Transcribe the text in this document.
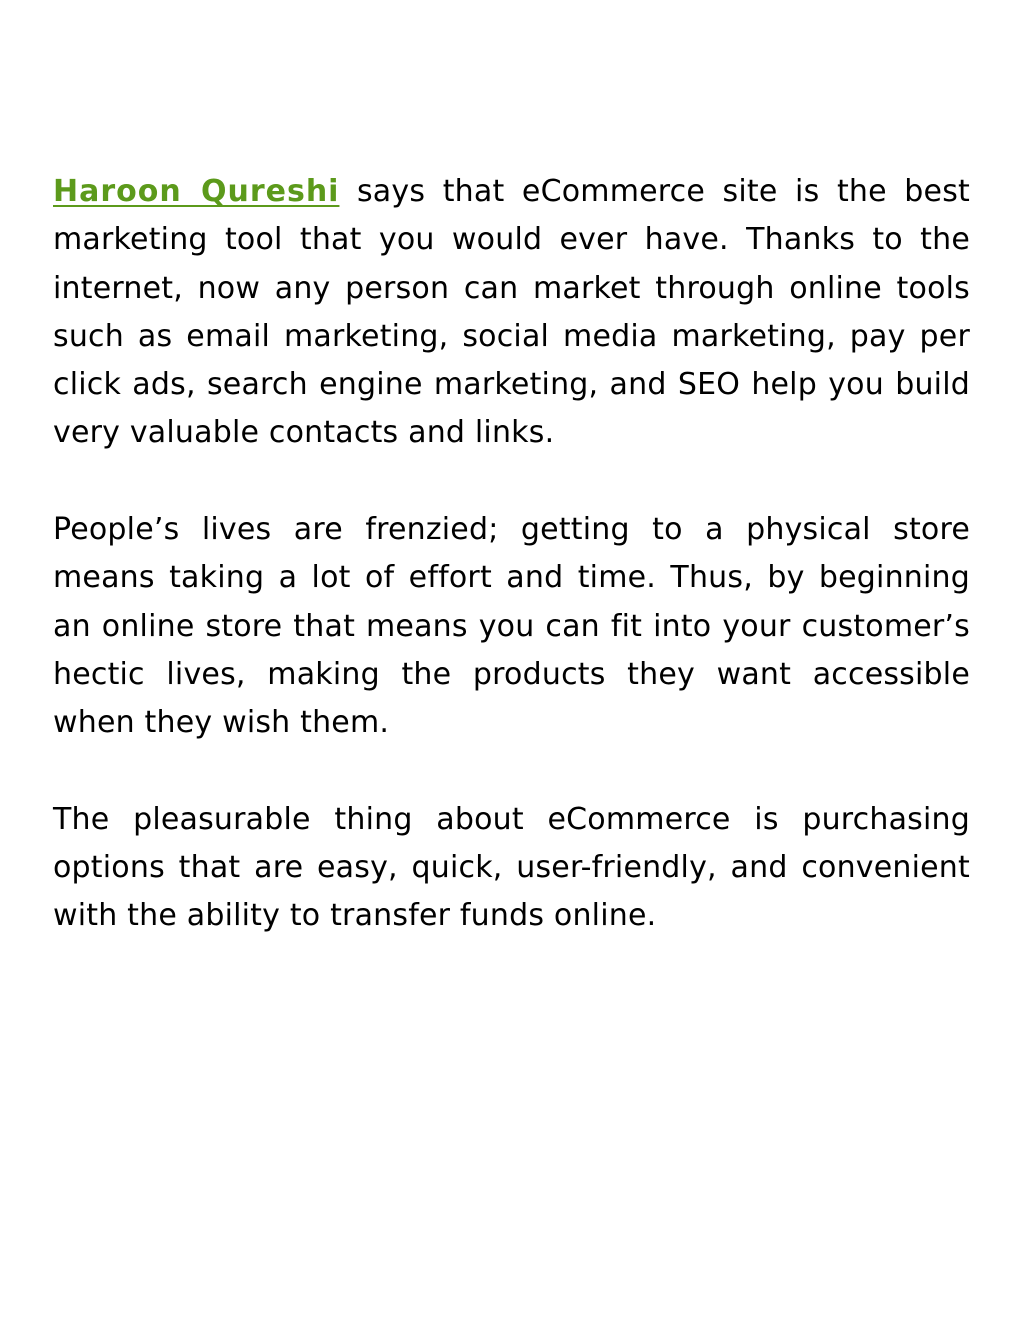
Haroon Qureshi says that eCommerce site is the best marketing tool that you would ever have. Thanks to the internet, now any person can market through online tools such as email marketing, social media marketing, pay per click ads, search engine marketing, and SEO help you build very valuable contacts and links.

People’s lives are frenzied; getting to a physical store means taking a lot of effort and time. Thus, by beginning an online store that means you can fit into your customer’s hectic lives, making the products they want accessible when they wish them.

The pleasurable thing about eCommerce is purchasing options that are easy, quick, user-friendly, and convenient with the ability to transfer funds online.
